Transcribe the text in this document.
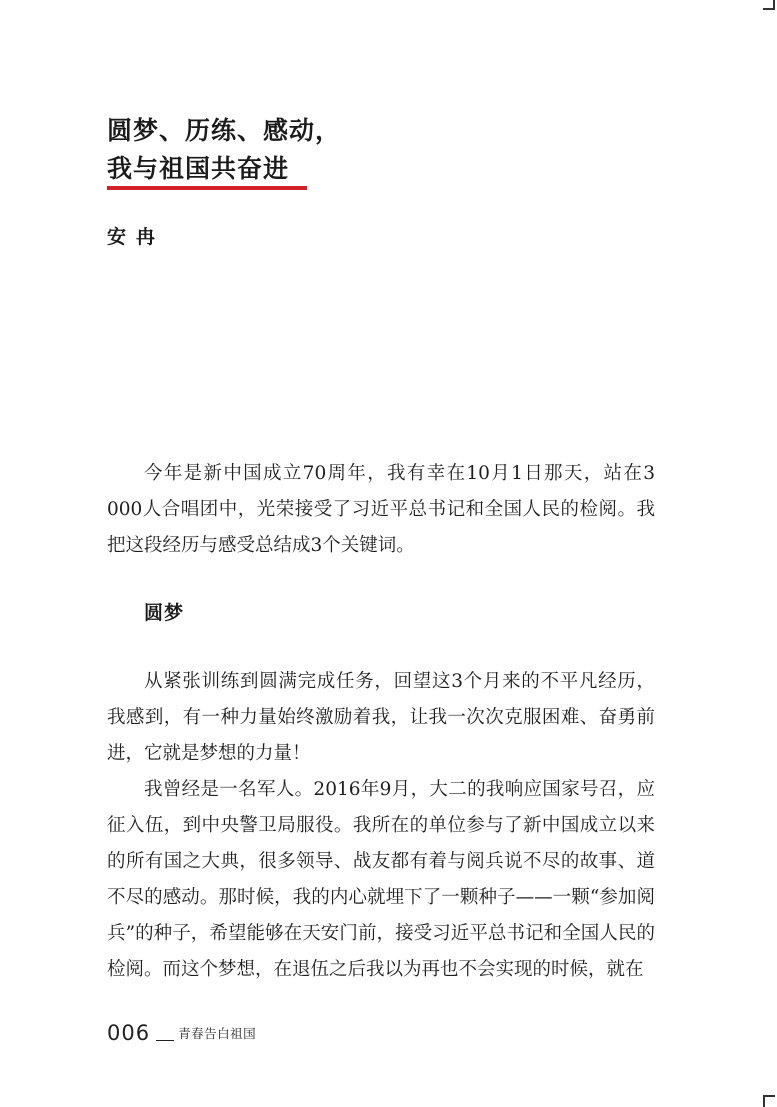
圆梦、历练、感动，
我与祖国共奋进
安冉

今年是新中国成立70周年，我有幸在10月1日那天，站在3 000人合唱团中，光荣接受了习近平总书记和全国人民的检阅。我把这段经历与感受总结成3个关键词。

圆梦

从紧张训练到圆满完成任务，回望这3个月来的不平凡经历，我感到，有一种力量始终激励着我，让我一次次克服困难、奋勇前进，它就是梦想的力量！

我曾经是一名军人。2016年9月，大二的我响应国家号召，应征入伍，到中央警卫局服役。我所在的单位参与了新中国成立以来的所有国之大典，很多领导、战友都有着与阅兵说不尽的故事、道不尽的感动。那时候，我的内心就埋下了一颗种子——一颗“参加阅兵”的种子，希望能够在天安门前，接受习近平总书记和全国人民的检阅。而这个梦想，在退伍之后我以为再也不会实现的时候，就在

006 青春告白祖国
